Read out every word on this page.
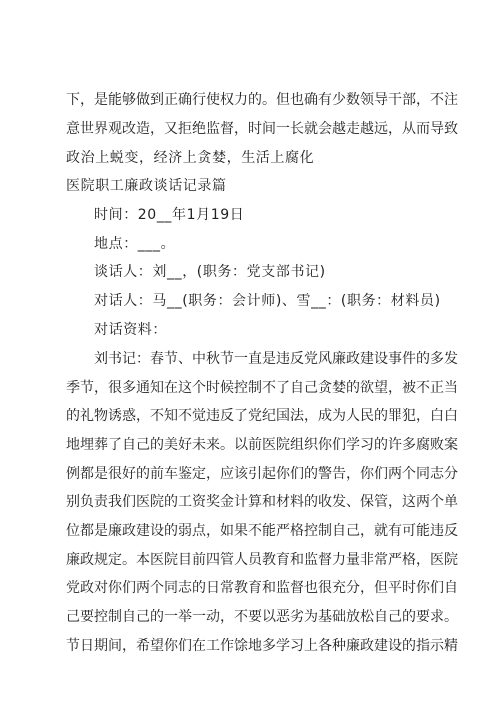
下，是能够做到正确行使权力的。但也确有少数领导干部，不注
意世界观改造，又拒绝监督，时间一长就会越走越远，从而导致
政治上蜕变，经济上贪婪，生活上腐化
医院职工廉政谈话记录篇
时间：20__年1月19日
地点：___。
谈话人：刘__，(职务：党支部书记)
对话人：马__(职务：会计师)、雪__：(职务：材料员)
对话资料：
刘书记：春节、中秋节一直是违反党风廉政建设事件的多发
季节，很多通知在这个时候控制不了自己贪婪的欲望，被不正当
的礼物诱惑，不知不觉违反了党纪国法，成为人民的罪犯，白白
地埋葬了自己的美好未来。以前医院组织你们学习的许多腐败案
例都是很好的前车鉴定，应该引起你们的警告，你们两个同志分
别负责我们医院的工资奖金计算和材料的收发、保管，这两个单
位都是廉政建设的弱点，如果不能严格控制自己，就有可能违反
廉政规定。本医院目前四管人员教育和监督力量非常严格，医院
党政对你们两个同志的日常教育和监督也很充分，但平时你们自
己要控制自己的一举一动，不要以恶劣为基础放松自己的要求。
节日期间，希望你们在工作馀地多学习上各种廉政建设的指示精
